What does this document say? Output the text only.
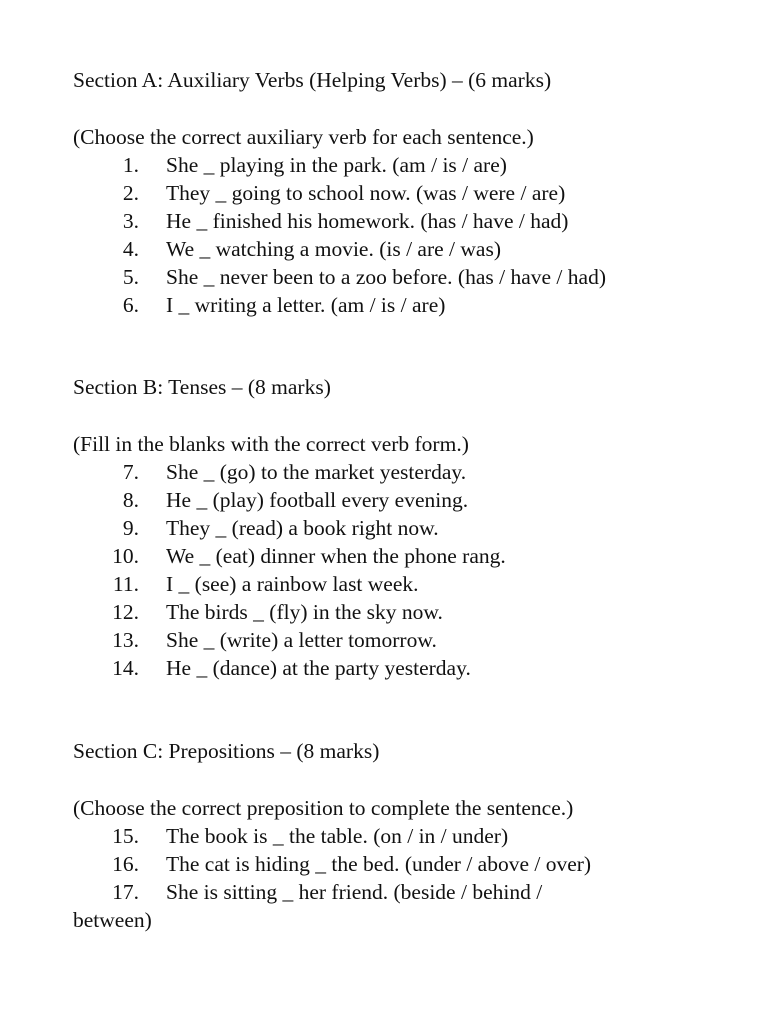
Section A: Auxiliary Verbs (Helping Verbs) – (6 marks)
(Choose the correct auxiliary verb for each sentence.)
1.	She _ playing in the park. (am / is / are)
2.	They _ going to school now. (was / were / are)
3.	He _ finished his homework. (has / have / had)
4.	We _ watching a movie. (is / are / was)
5.	She _ never been to a zoo before. (has / have / had)
6.	I _ writing a letter. (am / is / are)
Section B: Tenses – (8 marks)
(Fill in the blanks with the correct verb form.)
7.	She _ (go) to the market yesterday.
8.	He _ (play) football every evening.
9.	They _ (read) a book right now.
10.	We _ (eat) dinner when the phone rang.
11.	I _ (see) a rainbow last week.
12.	The birds _ (fly) in the sky now.
13.	She _ (write) a letter tomorrow.
14.	He _ (dance) at the party yesterday.
Section C: Prepositions – (8 marks)
(Choose the correct preposition to complete the sentence.)
15.	The book is _ the table. (on / in / under)
16.	The cat is hiding _ the bed. (under / above / over)
17.	She is sitting _ her friend. (beside / behind /
between)
